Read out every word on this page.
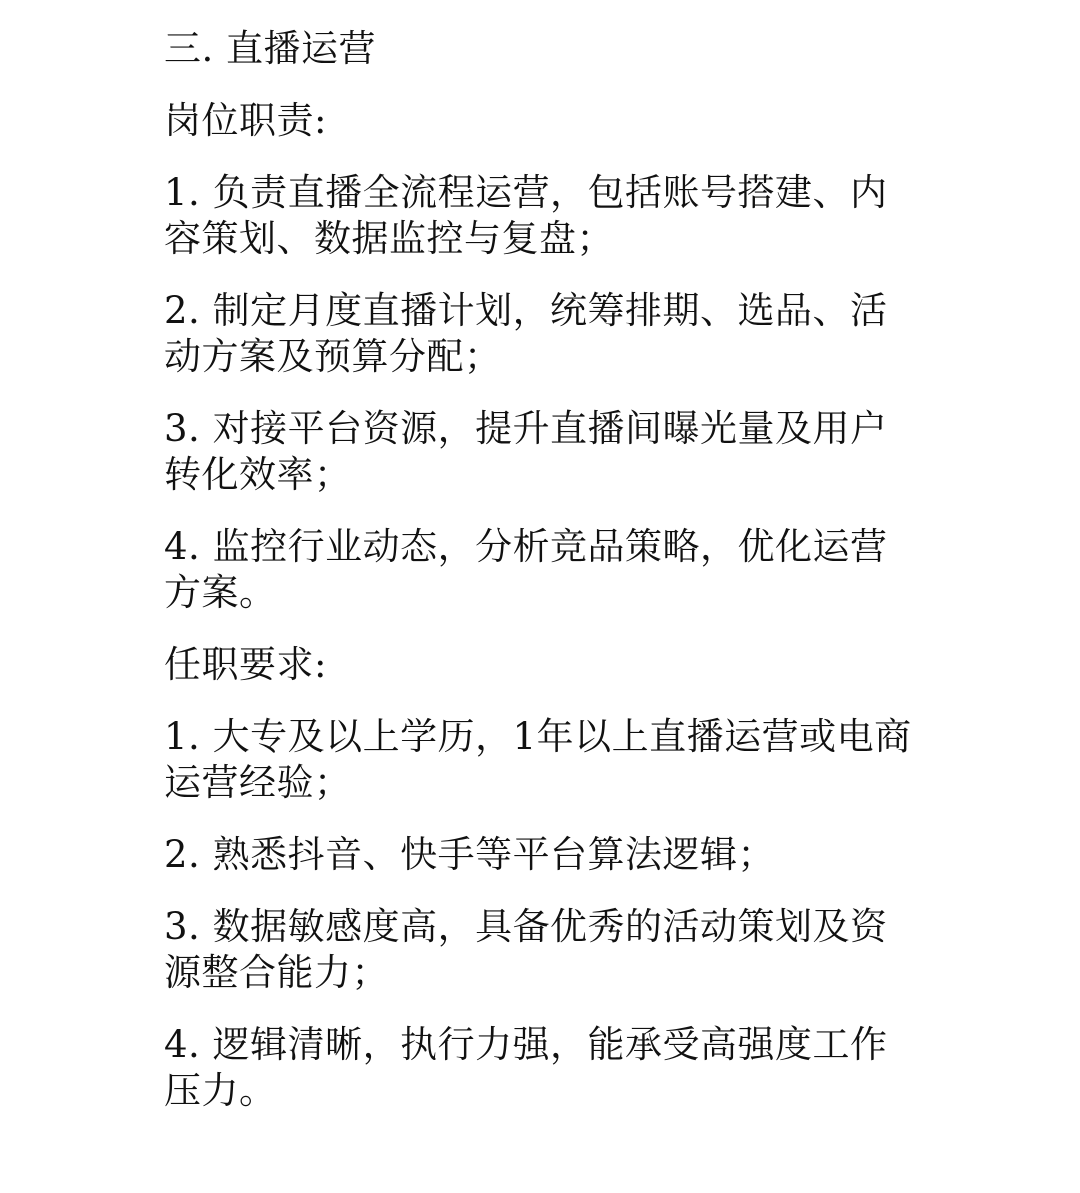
三. 直播运营

岗位职责:

1. 负责直播全流程运营，包括账号搭建、内容策划、数据监控与复盘；

2. 制定月度直播计划，统筹排期、选品、活动方案及预算分配；

3. 对接平台资源，提升直播间曝光量及用户转化效率；

4. 监控行业动态，分析竞品策略，优化运营方案。

任职要求:

1. 大专及以上学历，1年以上直播运营或电商运营经验；

2. 熟悉抖音、快手等平台算法逻辑；

3. 数据敏感度高，具备优秀的活动策划及资源整合能力；

4. 逻辑清晰，执行力强，能承受高强度工作压力。
